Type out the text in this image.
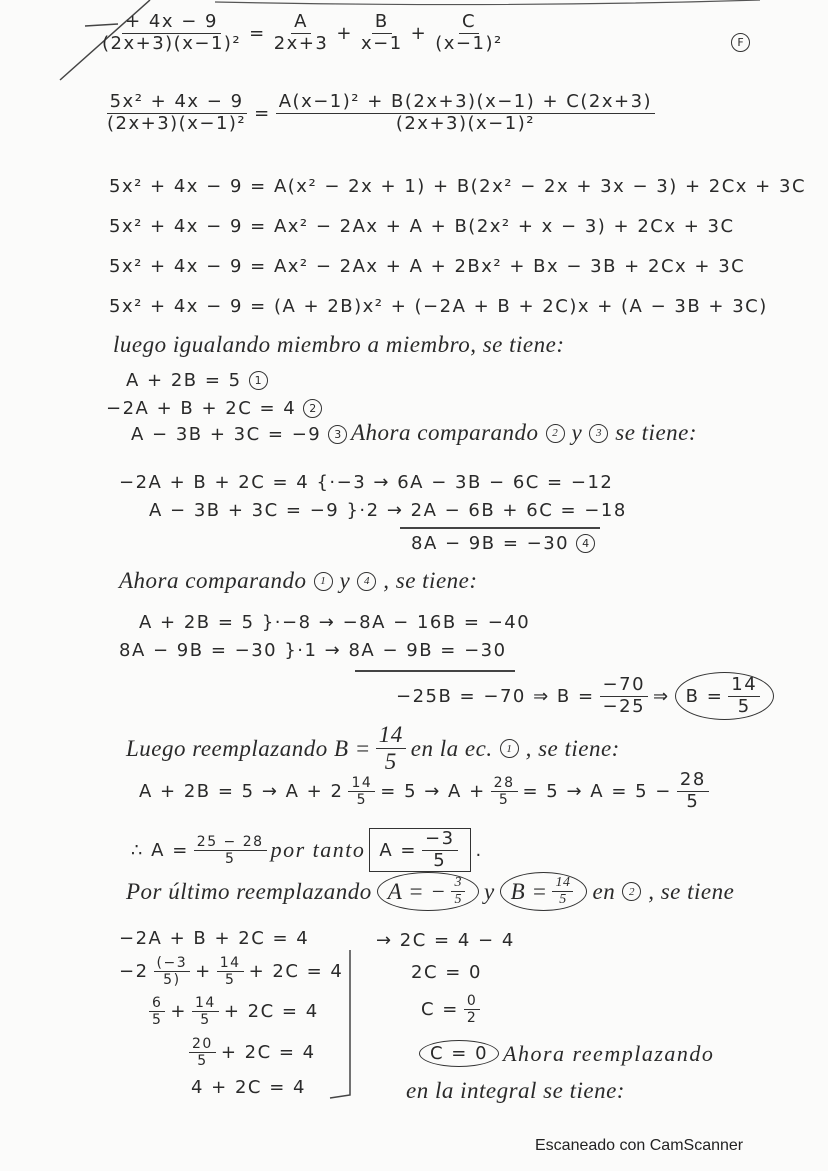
$\frac{+ 4x - 9}{\text{(2x+3)(x−1)²}} = \frac{A}{2x+3} + \frac{B}{x-1} + \frac{C}{\text{(x−1)²}}$	F
$\frac{\text{5x² + 4x − 9}}{\text{(2x+3)(x−1)²}} = \frac{\text{A(x−1)² + B(2x+3)(x−1) + C(2x+3)}}{\text{(2x+3)(x−1)²}}$
5x² + 4x − 9 = A(x² − 2x + 1) + B(2x² − 2x + 3x − 3) + 2Cx + 3C
5x² + 4x − 9 = Ax² − 2Ax + A + B(2x² + x − 3) + 2Cx + 3C
5x² + 4x − 9 = Ax² − 2Ax + A + 2Bx² + Bx − 3B + 2Cx + 3C
5x² + 4x − 9 = (A + 2B)x² + (−2A + B + 2C)x + (A − 3B + 3C)
luego igualando miembro a miembro, se tiene:
A + 2B = 5	1
−2A + B + 2C = 4	2
A − 3B + 3C = −9	3 Ahora comparando	2 y	3 se tiene:
−2A + B + 2C = 4 {·−3 → 6A − 3B − 6C = −12
A − 3B + 3C = −9 }·2 → 2A − 6B + 6C = −18
8A − 9B = −30	4
Ahora comparando	1 y	4 , se tiene:
A + 2B = 5 }·−8 → −8A − 16B = −40
8A − 9B = −30 }·1 → 8A − 9B = −30
−25B = −70 ⇒ $B = \frac{-70}{-25}$ ⇒ $B = \frac{14}{5}$
Luego reemplazando $B = \frac{14}{5}$ en la ec.	1 , se tiene:
$A + 2B = 5 \to A + 2 \frac{14}{5} = 5 \to A + \frac{28}{5} = 5 \to A = 5 - \frac{28}{5}$
∴ $A = \frac{25 - 28}{5}$ por tanto $A = \frac{-3}{5}$ .
Por último reemplazando A = − $\frac{3}{5}$ y $B = \frac{14}{5}$ en	2 , se tiene
−2A + B + 2C = 4
$-2 \frac{(-3}{5)} + \frac{14}{5} + 2C = 4$
$\frac{6}{5} + \frac{14}{5} + 2C = 4$
$\frac{20}{5} + 2C = 4$
4 + 2C = 4
→ 2C = 4 − 4
2C = 0
$C = \frac{0}{2}$
C = 0 Ahora reemplazando
en la integral se tiene:
Escaneado con CamScanner
